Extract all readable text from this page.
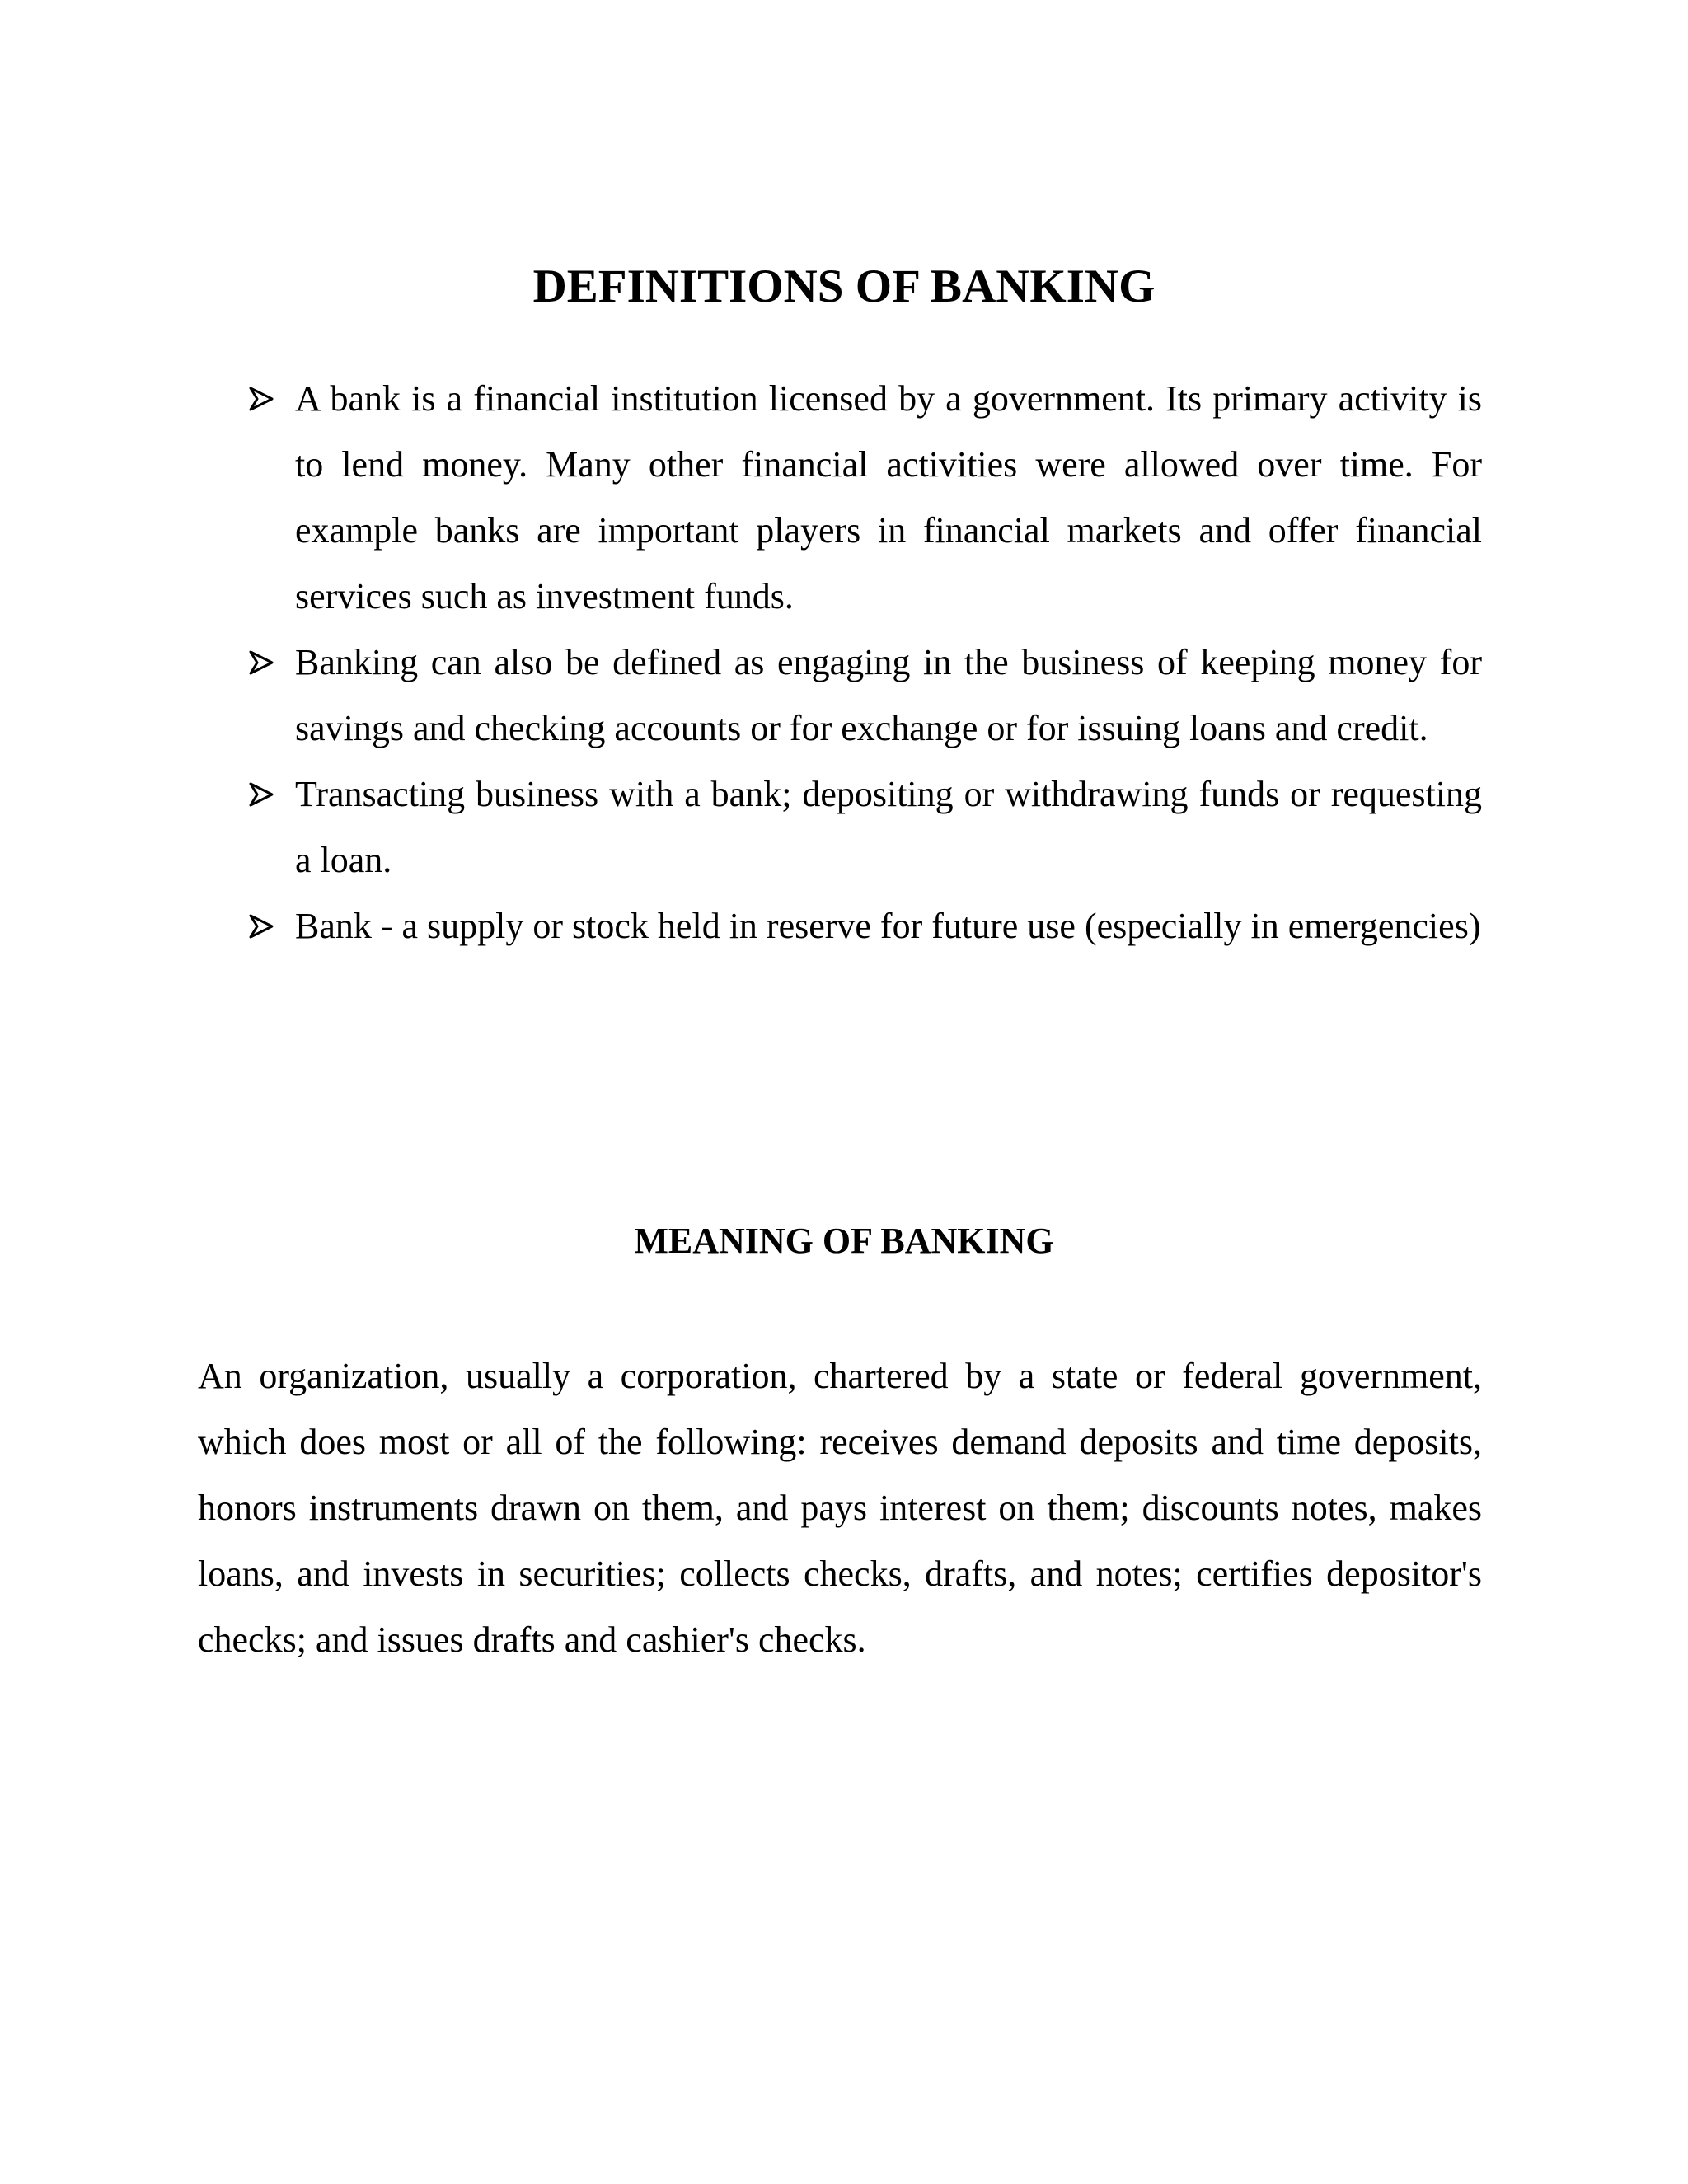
DEFINITIONS OF BANKING
A bank is a financial institution licensed by a government. Its primary activity is to lend money. Many other financial activities were allowed over time. For example banks are important players in financial markets and offer financial services such as investment funds.
Banking can also be defined as engaging in the business of keeping money for savings and checking accounts or for exchange or for issuing loans and credit.
Transacting business with a bank; depositing or withdrawing funds or requesting a loan.
Bank - a supply or stock held in reserve for future use (especially in emergencies)
MEANING OF BANKING

An organization, usually a corporation, chartered by a state or federal government, which does most or all of the following: receives demand deposits and time deposits, honors instruments drawn on them, and pays interest on them; discounts notes, makes loans, and invests in securities; collects checks, drafts, and notes; certifies depositor's checks; and issues drafts and cashier's checks.
